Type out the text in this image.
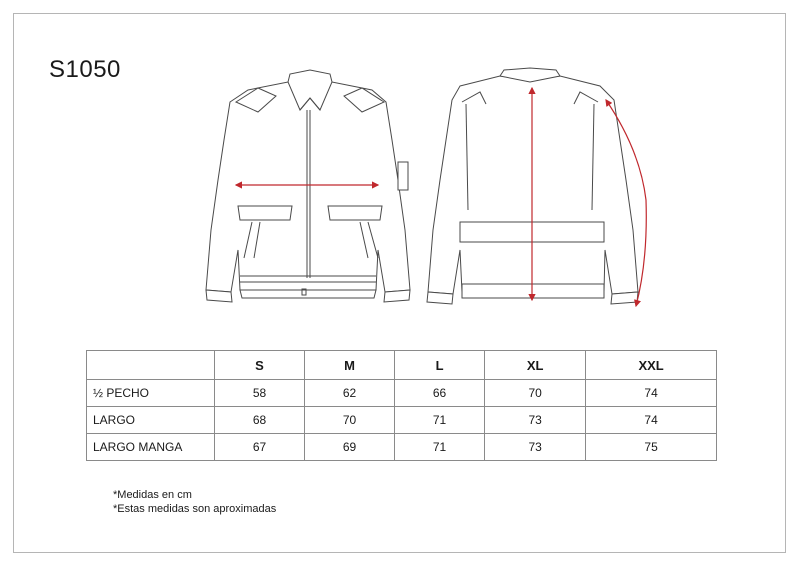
S1050
	S	M	L	XL	XXL
½ PECHO	58	62	66	70	74
LARGO	68	70	71	73	74
LARGO MANGA	67	69	71	73	75
*Medidas en cm
*Estas medidas son aproximadas
